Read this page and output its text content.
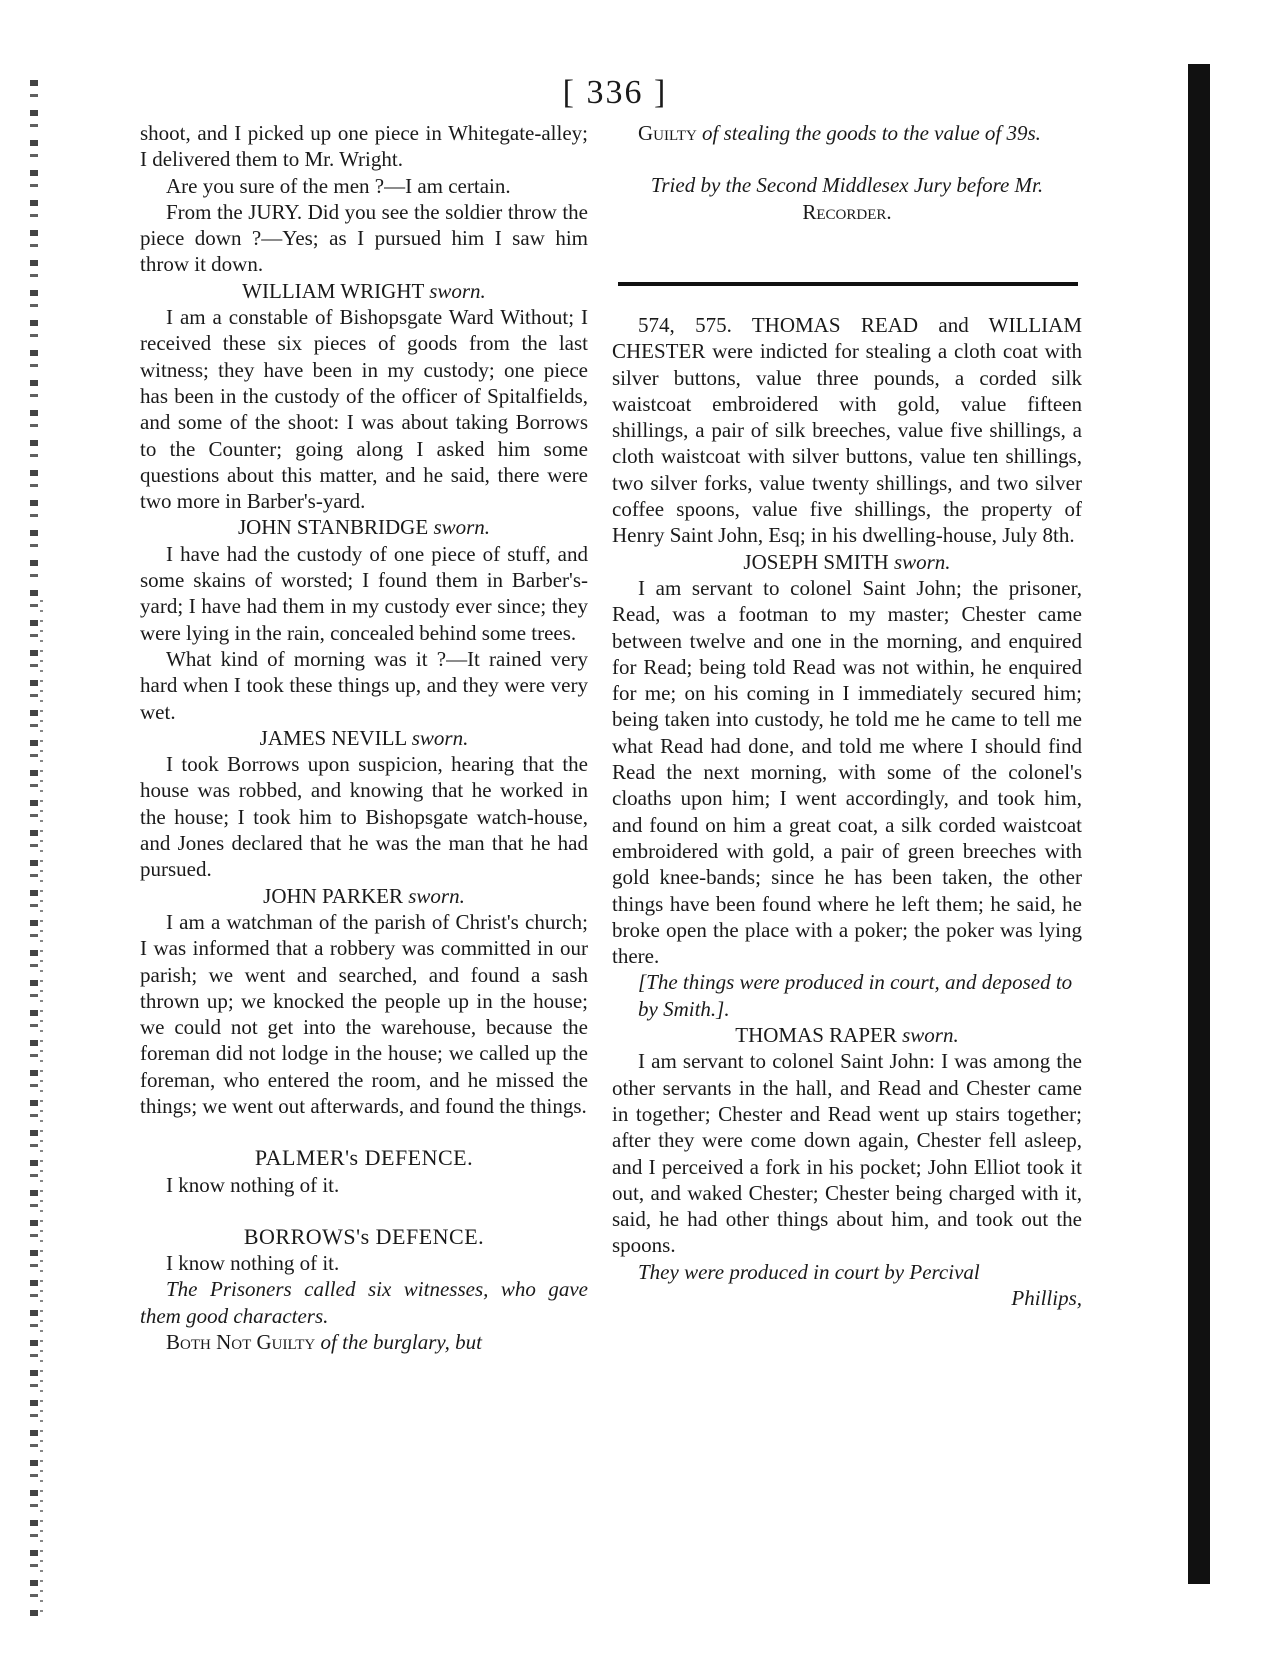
[ 336 ]

shoot, and I picked up one piece in Whitegate-alley; I delivered them to Mr. Wright.

Are you sure of the men ?—I am certain.

From the JURY. Did you see the soldier throw the piece down ?—Yes; as I pursued him I saw him throw it down.

WILLIAM WRIGHT sworn.

I am a constable of Bishopsgate Ward Without; I received these six pieces of goods from the last witness; they have been in my custody; one piece has been in the custody of the officer of Spitalfields, and some of the shoot: I was about taking Borrows to the Counter; going along I asked him some questions about this matter, and he said, there were two more in Barber's-yard.

JOHN STANBRIDGE sworn.

I have had the custody of one piece of stuff, and some skains of worsted; I found them in Barber's-yard; I have had them in my custody ever since; they were lying in the rain, concealed behind some trees.

What kind of morning was it ?—It rained very hard when I took these things up, and they were very wet.

JAMES NEVILL sworn.

I took Borrows upon suspicion, hearing that the house was robbed, and knowing that he worked in the house; I took him to Bishopsgate watch-house, and Jones declared that he was the man that he had pursued.

JOHN PARKER sworn.

I am a watchman of the parish of Christ's church; I was informed that a robbery was committed in our parish; we went and searched, and found a sash thrown up; we knocked the people up in the house; we could not get into the warehouse, because the foreman did not lodge in the house; we called up the foreman, who entered the room, and he missed the things; we went out afterwards, and found the things.

PALMER's DEFENCE.

I know nothing of it.

BORROWS's DEFENCE.

I know nothing of it.

The Prisoners called six witnesses, who gave them good characters.

Both Not Guilty of the burglary, but

Guilty of stealing the goods to the value of 39s.

Tried by the Second Middlesex Jury before Mr.

Recorder.

574, 575. THOMAS READ and WILLIAM CHESTER were indicted for stealing a cloth coat with silver buttons, value three pounds, a corded silk waistcoat embroidered with gold, value fifteen shillings, a pair of silk breeches, value five shillings, a cloth waistcoat with silver buttons, value ten shillings, two silver forks, value twenty shillings, and two silver coffee spoons, value five shillings, the property of Henry Saint John, Esq; in his dwelling-house, July 8th.

JOSEPH SMITH sworn.

I am servant to colonel Saint John; the prisoner, Read, was a footman to my master; Chester came between twelve and one in the morning, and enquired for Read; being told Read was not within, he enquired for me; on his coming in I immediately secured him; being taken into custody, he told me he came to tell me what Read had done, and told me where I should find Read the next morning, with some of the colonel's cloaths upon him; I went accordingly, and took him, and found on him a great coat, a silk corded waistcoat embroidered with gold, a pair of green breeches with gold knee-bands; since he has been taken, the other things have been found where he left them; he said, he broke open the place with a poker; the poker was lying there.

[The things were produced in court, and deposed to by Smith.].

THOMAS RAPER sworn.

I am servant to colonel Saint John: I was among the other servants in the hall, and Read and Chester came in together; Chester and Read went up stairs together; after they were come down again, Chester fell asleep, and I perceived a fork in his pocket; John Elliot took it out, and waked Chester; Chester being charged with it, said, he had other things about him, and took out the spoons.

They were produced in court by Percival

Phillips,
